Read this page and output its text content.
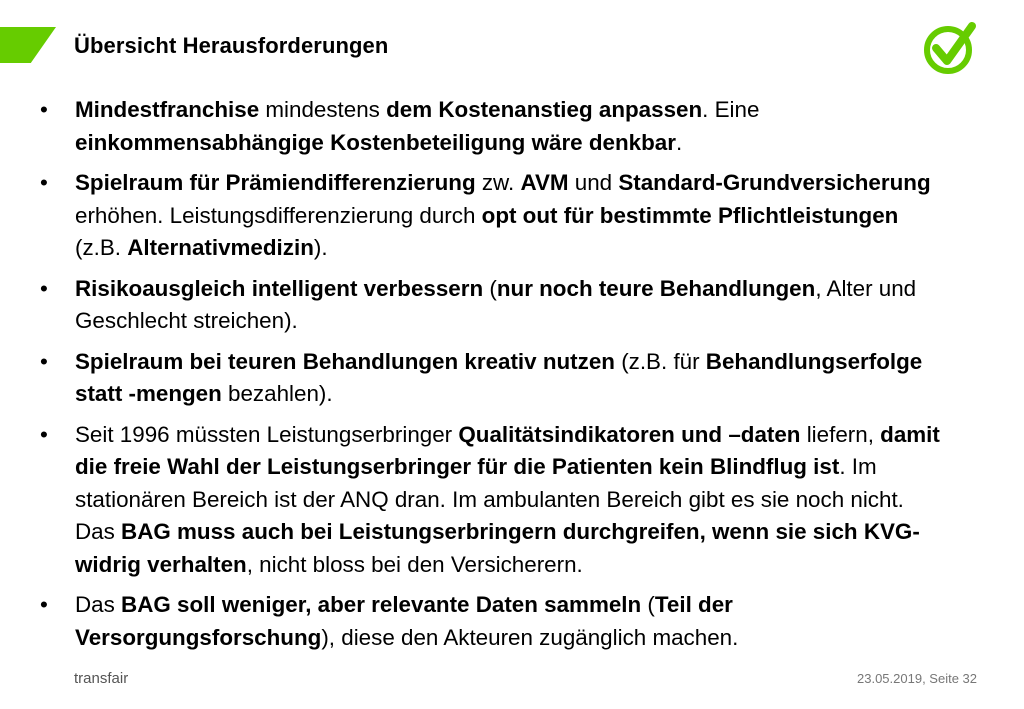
Übersicht Herausforderungen
• Mindestfranchise mindestens dem Kostenanstieg anpassen. Eine einkommensabhängige Kostenbeteiligung wäre denkbar.
• Spielraum für Prämiendifferenzierung zw. AVM und Standard-Grundversicherung erhöhen. Leistungsdifferenzierung durch opt out für bestimmte Pflichtleistungen (z.B. Alternativmedizin).
• Risikoausgleich intelligent verbessern (nur noch teure Behandlungen, Alter und Geschlecht streichen).
• Spielraum bei teuren Behandlungen kreativ nutzen (z.B. für Behandlungserfolge statt -mengen bezahlen).
• Seit 1996 müssten Leistungserbringer Qualitätsindikatoren und –daten liefern, damit die freie Wahl der Leistungserbringer für die Patienten kein Blindflug ist. Im stationären Bereich ist der ANQ dran. Im ambulanten Bereich gibt es sie noch nicht. Das BAG muss auch bei Leistungserbringern durchgreifen, wenn sie sich KVG-widrig verhalten, nicht bloss bei den Versicherern.
• Das BAG soll weniger, aber relevante Daten sammeln (Teil der Versorgungsforschung), diese den Akteuren zugänglich machen.
transfair	23.05.2019, Seite 32
